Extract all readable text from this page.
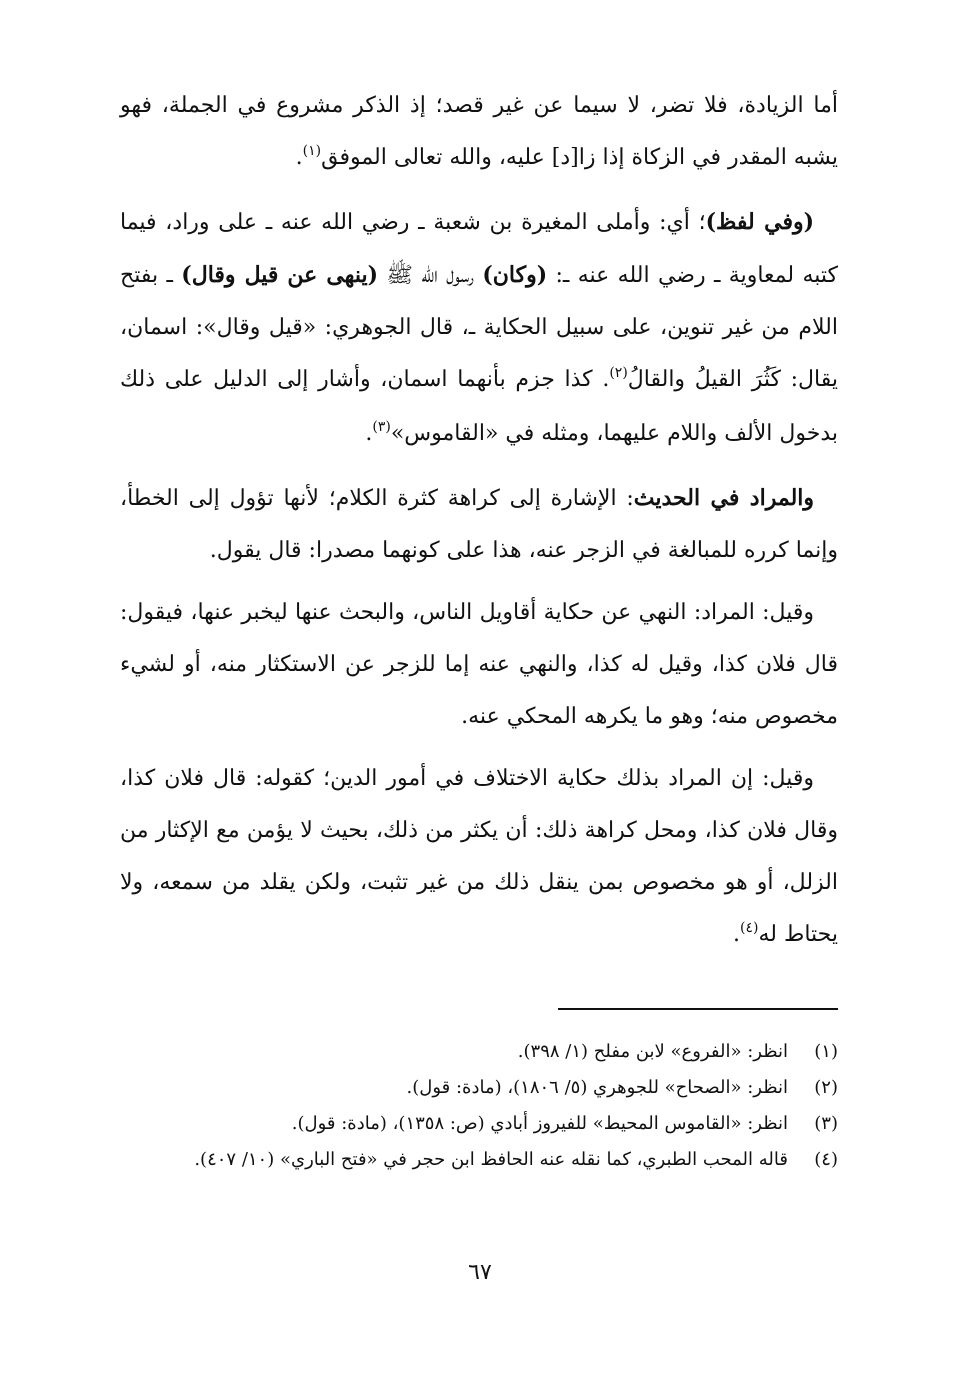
أما الزيادة، فلا تضر، لا سيما عن غير قصد؛ إذ الذكر مشروع في الجملة، فهو يشبه المقدر في الزكاة إذا زا[د] عليه، والله تعالى الموفق$^{(١)}$.

(وفي لفظ)؛ أي: وأملى المغيرة بن شعبة ـ رضي الله عنه ـ على وراد، فيما كتبه لمعاوية ـ رضي الله عنه ـ: (وكان) رسول الله ﷺ (ينهى عن قيل وقال) ـ بفتح اللام من غير تنوين، على سبيل الحكاية ـ، قال الجوهري: «قيل وقال»: اسمان، يقال: كَثُرَ القيلُ والقالُ$^{(٢)}$. كذا جزم بأنهما اسمان، وأشار إلى الدليل على ذلك بدخول الألف واللام عليهما، ومثله في «القاموس»$^{(٣)}$.

والمراد في الحديث: الإشارة إلى كراهة كثرة الكلام؛ لأنها تؤول إلى الخطأ، وإنما كرره للمبالغة في الزجر عنه، هذا على كونهما مصدرا: قال يقول.

وقيل: المراد: النهي عن حكاية أقاويل الناس، والبحث عنها ليخبر عنها، فيقول: قال فلان كذا، وقيل له كذا، والنهي عنه إما للزجر عن الاستكثار منه، أو لشيء مخصوص منه؛ وهو ما يكرهه المحكي عنه.

وقيل: إن المراد بذلك حكاية الاختلاف في أمور الدين؛ كقوله: قال فلان كذا، وقال فلان كذا، ومحل كراهة ذلك: أن يكثر من ذلك، بحيث لا يؤمن مع الإكثار من الزلل، أو هو مخصوص بمن ينقل ذلك من غير تثبت، ولكن يقلد من سمعه، ولا يحتاط له$^{(٤)}$.

(١)
انظر: «الفروع» لابن مفلح (١/ ٣٩٨).
(٢)
انظر: «الصحاح» للجوهري (٥/ ١٨٠٦)، (مادة: قول).
(٣)
انظر: «القاموس المحيط» للفيروز أبادي (ص: ١٣٥٨)، (مادة: قول).
(٤)
قاله المحب الطبري، كما نقله عنه الحافظ ابن حجر في «فتح الباري» (١٠/ ٤٠٧).
٦٧
